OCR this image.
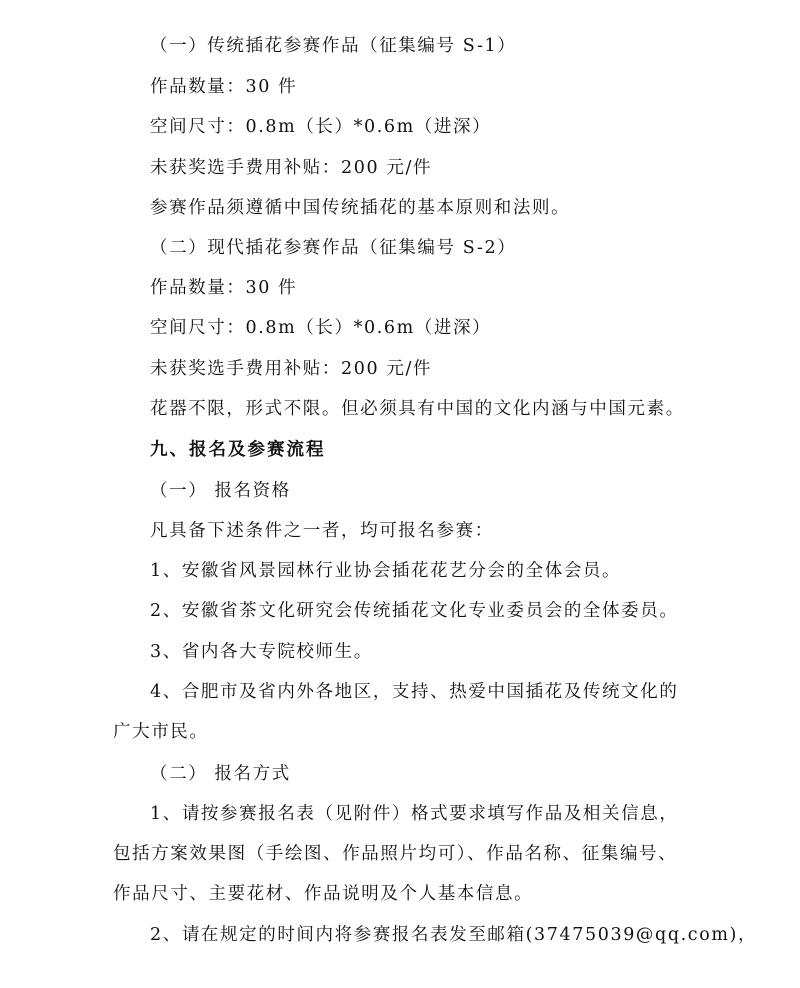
（一）传统插花参赛作品（征集编号 S-1）
作品数量：30 件
空间尺寸：0.8m（长）*0.6m（进深）
未获奖选手费用补贴：200 元/件
参赛作品须遵循中国传统插花的基本原则和法则。
（二）现代插花参赛作品（征集编号 S-2）
作品数量：30 件
空间尺寸：0.8m（长）*0.6m（进深）
未获奖选手费用补贴：200 元/件
花器不限，形式不限。但必须具有中国的文化内涵与中国元素。
九、报名及参赛流程
（一） 报名资格
凡具备下述条件之一者，均可报名参赛：
1、安徽省风景园林行业协会插花花艺分会的全体会员。
2、安徽省茶文化研究会传统插花文化专业委员会的全体委员。
3、省内各大专院校师生。
4、合肥市及省内外各地区，支持、热爱中国插花及传统文化的
广大市民。
（二） 报名方式
1、请按参赛报名表（见附件）格式要求填写作品及相关信息，
包括方案效果图（手绘图、作品照片均可）、作品名称、征集编号、
作品尺寸、主要花材、作品说明及个人基本信息。
2、请在规定的时间内将参赛报名表发至邮箱(37475039@qq.com)，
